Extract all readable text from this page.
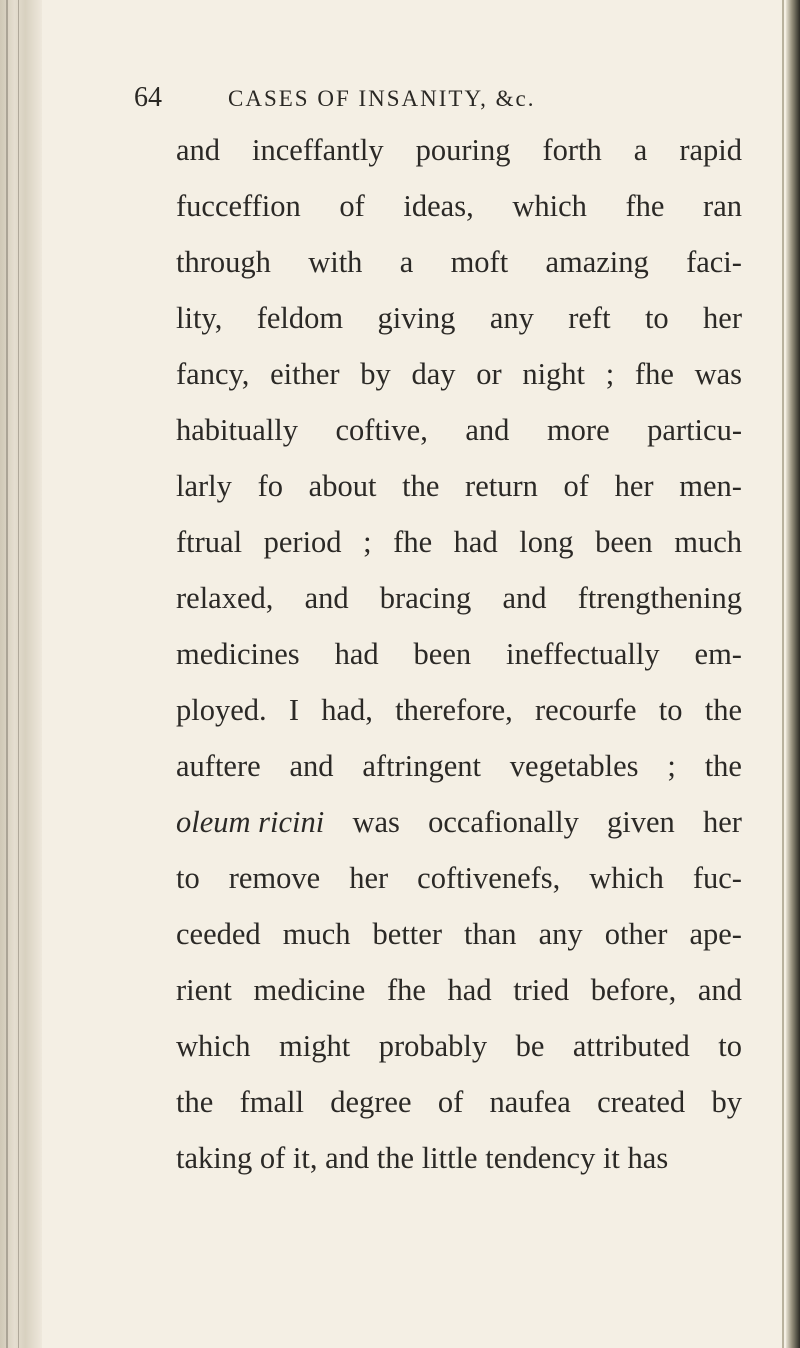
64	CASES OF INSANITY, &c.
and inceffantly pouring forth a rapid
fucceffion of ideas, which fhe ran
through with a moft amazing faci-
lity, feldom giving any reft to her
fancy, either by day or night ; fhe was
habitually coftive, and more particu-
larly fo about the return of her men-
ftrual period ; fhe had long been much
relaxed, and bracing and ftrengthening
medicines had been ineffectually em-
ployed. I had, therefore, recourfe to the
auftere and aftringent vegetables ; the
oleum ricini was occafionally given her
to remove her coftivenefs, which fuc-
ceeded much better than any other ape-
rient medicine fhe had tried before, and
which might probably be attributed to
the fmall degree of naufea created by
taking
of
it,
and
the
little
tendency
it
has
